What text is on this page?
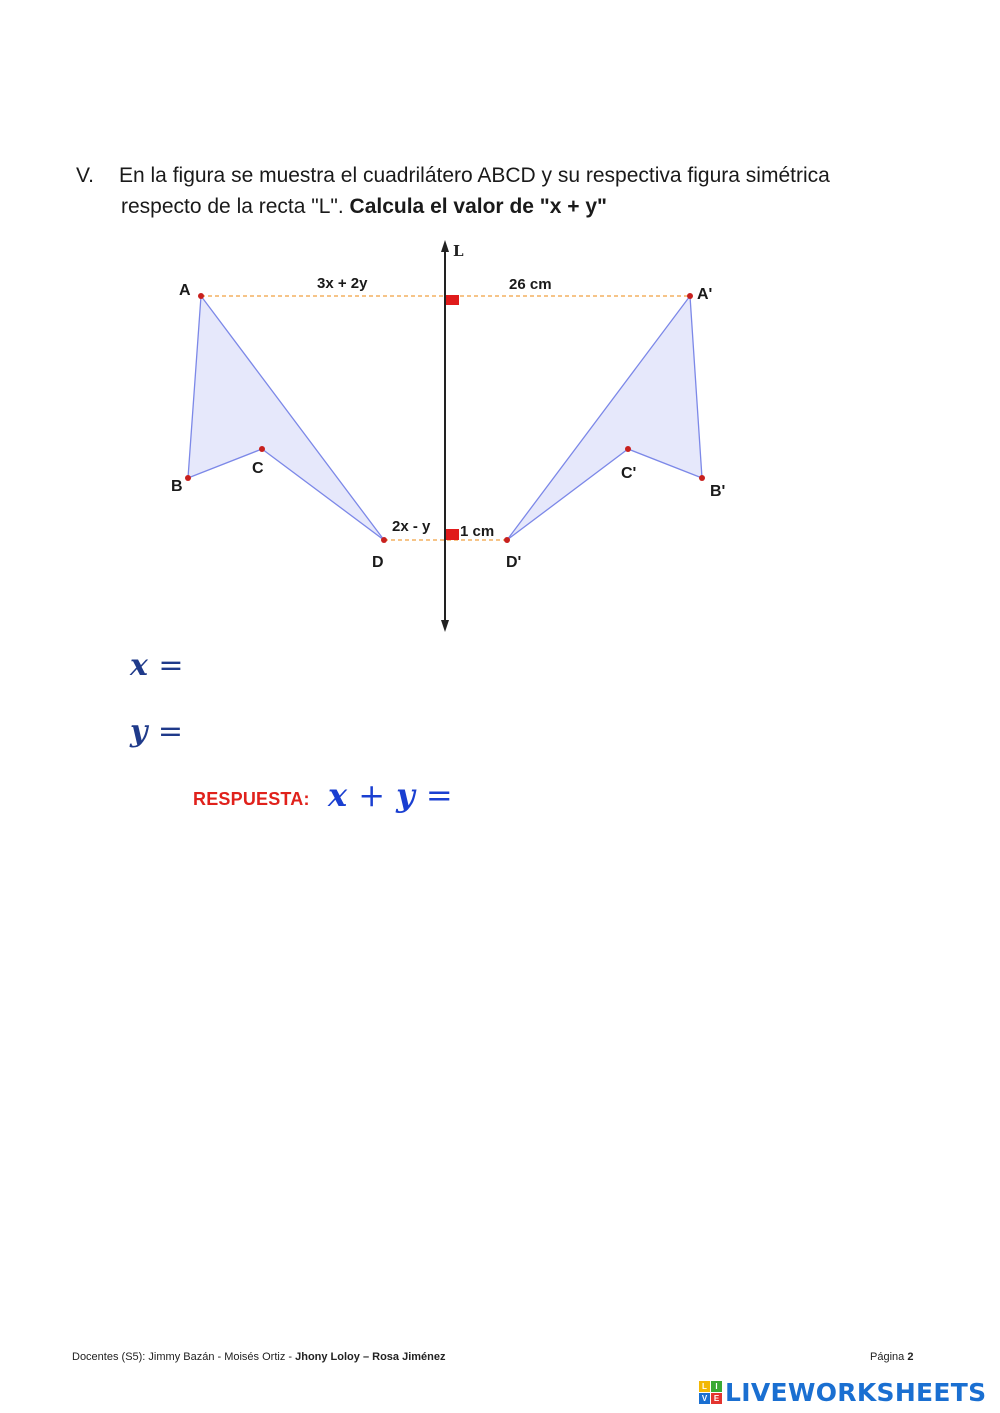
V. En la figura se muestra el cuadrilátero ABCD y su respectiva figura simétrica
respecto de la recta "L". Calcula el valor de "x + y"
L
A
B
C
D
A'
B'
C'
D'
3x + 2y	26 cm
2x - y 1 cm
x =
y =
RESPUESTA: x + y =
Docentes (S5): Jimmy Bazán - Moisés Ortiz - Jhony Loloy – Rosa Jiménez	Página 2
L	I
V E LIVEWORKSHEETS
